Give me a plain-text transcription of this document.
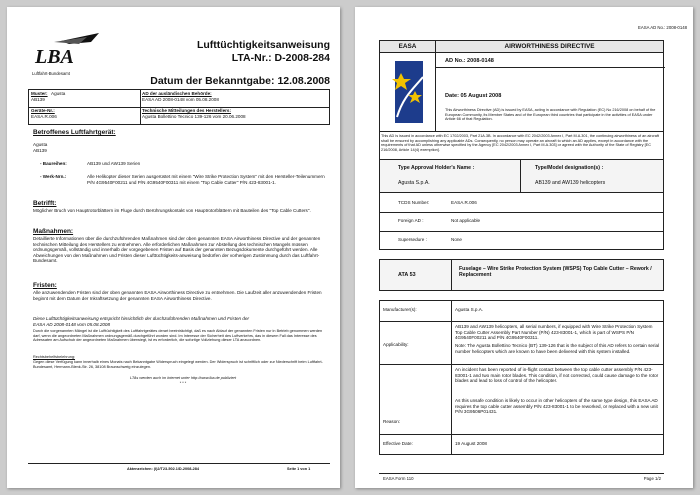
LBA
Luftfahrt-Bundesamt
Lufttüchtigkeitsanweisung
LTA-Nr.: D-2008-284
Datum der Bekanntgabe: 12.08.2008
Muster: Agusta
AB139
AD der ausländischen Behörde:
EASA AD 2008-0148 vom 05.08.2008
Geräte-Nr.:
EASA.R.006
Technische Mitteilungen des Herstellers:
Agusta Bollettino Tecnico 139-126 vom 20.06.2008
Betroffenes Luftfahrtgerät:
Agusta
AB139
- Baureihen:	AB139 und AW139 Serien
- Werk-Nrn.:	Alle Helikopter dieser Serien ausgerüstet mit einem "Wire Strike Protection System" mit den Hersteller-Teilenummern P/N 4G9540F00211 und P/N 4G9540F00311 mit einem "Top Cable Cutter" P/N 423-83001-1.
Betrifft:
Möglicher Bruch von Hauptrotorblättern im Fluge durch Berührungskontakt von Hauptrotorblättern mit Bauteilen des "Top Cable Cutters".
Maßnahmen:
Detaillierte Informationen über die durchzuführenden Maßnahmen sind der oben genannten EASA Airworthiness Directive und der genannten technischen Mitteilung des Herstellers zu entnehmen. Alle erforderlichen Maßnahmen zur Abstellung des technischen Mangels müssen ordnungsgemäß, vollständig und innerhalb der vorgegebenen Fristen auf Basis der genannten Bezugsdokumente durchgeführt werden. Alle Abweichungen von den Maßnahmen und Fristen dieser Lufttüchtigkeits-anweisung bedürfen der vorherigen Zustimmung durch das Luftfahrt-Bundesamt.
Fristen:
Alle anzuwendenden Fristen sind der oben genannten EASA Airworthiness Directive zu entnehmen. Die Laufzeit aller anzuwendenden Fristen beginnt mit dem Datum der Inkraftsetzung der genannten EASA Airworthiness Directive.
Diese Lufttüchtigkeitsanweisung entspricht hinsichtlich der durchzuführenden Maßnahmen und Fristen der
EASA AD 2008-0148 vom 05.08.2008
Durch die vorgenannten Mängel ist die Lufttüchtigkeit des Luftfahrtgerätes derart beeinträchtigt, daß es nach Ablauf der genannten Fristen nur in Betrieb genommen werden darf, wenn die angeordneten Maßnahmen ordnungsgemäß durchgeführt worden sind. Im Interesse der Sicherheit des Luftverkehrs, das in diesem Fall das Interesse des Adressaten am Aufschub der angeordneten Maßnahmen überwiegt, ist es erforderlich, die sofortige Vollziehung dieser LTA anzuordnen.
Rechtsbehelfsbelehrung:
Gegen diese Verfügung kann innerhalb eines Monats nach Bekanntgabe Widerspruch eingelegt werden. Der Widerspruch ist schriftlich oder zur Niederschrift beim Luftfahrt-Bundesamt, Hermann-Blenk-Str. 26, 38108 Braunschweig einzulegen.
LTAs werden auch im Internet unter http://www.lba.de publiziert
* * *
Aktenzeichen: (I)2/T23-502.1/D-2008-284	Seite 1 von 1
EASA AD No.: 2008-0148
EASA	AIRWORTHINESS DIRECTIVE
AD No.: 2008-0148
Date: 05 August 2008
This Airworthiness Directive (AD) is issued by EASA, acting in accordance with Regulation (EC) No 216/2008 on behalf of the European Community, its Member States and of the European third countries that participate in the activities of EASA under Article 66 of that Regulation.
This AD is issued in accordance with EC 1702/2003, Part 21A.3B. In accordance with EC 2042/2003 Annex I, Part M.A.301, the continuing airworthiness of an aircraft shall be ensured by accomplishing any applicable ADs. Consequently, no person may operate an aircraft to which an AD applies, except in accordance with the requirements of that AD unless otherwise specified by the Agency [EC 2042/2003 Annex I, Part M.A.303] or agreed with the Authority of the State of Registry [EC 216/2008, Article 14(4) exemption].
Type Approval Holder's Name :
Agusta S.p.A.
Type/Model designation(s) :
AB139 and AW139 helicopters
TCDS Number:	EASA.R.006
Foreign AD :	Not applicable
Supersedure :	None
ATA 53
Fuselage – Wire Strike Protection System (WSPS) Top Cable Cutter – Rework / Replacement
Manufacturer(s):	Agusta S.p.A.
Applicability:
AB139 and AW139 helicopters, all serial numbers, if equipped with Wire Strike Protection System Top Cable Cutter Assembly Part Number (P/N) 423-83001-1, which is part of WSPS P/N 4G9540F00211 and P/N 4G9540F00311.
Note: The Agusta Bollettino Tecnico (BT) 139-126 that is the subject of this AD refers to certain serial number helicopters which are known to have been delivered with this system installed.
Reason:
An incident has been reported of in-flight contact between the top cable cutter assembly P/N 423-83001-1 and two main rotor blades. This condition, if not corrected, could cause damage to the rotor blades and lead to loss of control of the helicopter.
As this unsafe condition is likely to occur in other helicopters of the same type design, this EASA AD requires the top cable cutter assembly P/N 423-83001-1 to be reworked, or replaced with a new unit P/N 3G9506P01431.
Effective Date:	19 August 2008
EASA Form 110	Page 1/2
